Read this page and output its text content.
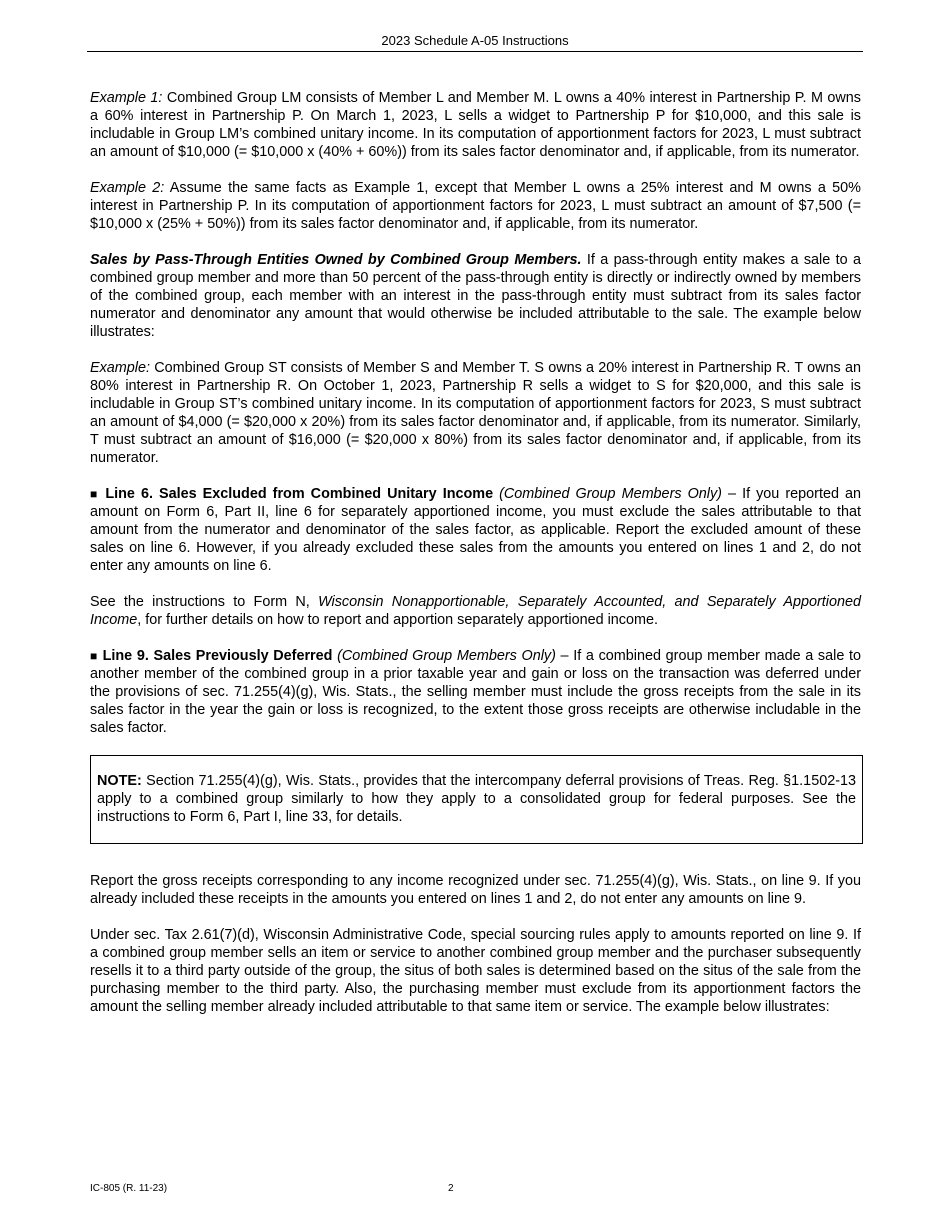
2023 Schedule A-05 Instructions

Example 1: Combined Group LM consists of Member L and Member M. L owns a 40% interest in Partnership P. M owns a 60% interest in Partnership P. On March 1, 2023, L sells a widget to Partnership P for $10,000, and this sale is includable in Group LM’s combined unitary income. In its computation of apportionment factors for 2023, L must subtract an amount of $10,000 (= $10,000 x (40% + 60%)) from its sales factor denominator and, if applicable, from its numerator.

Example 2: Assume the same facts as Example 1, except that Member L owns a 25% interest and M owns a 50% interest in Partnership P. In its computation of apportionment factors for 2023, L must subtract an amount of $7,500 (= $10,000 x (25% + 50%)) from its sales factor denominator and, if applicable, from its numerator.

Sales by Pass-Through Entities Owned by Combined Group Members. If a pass-through entity makes a sale to a combined group member and more than 50 percent of the pass-through entity is directly or indirectly owned by members of the combined group, each member with an interest in the pass-through entity must subtract from its sales factor numerator and denominator any amount that would otherwise be included attributable to the sale. The example below illustrates:

Example: Combined Group ST consists of Member S and Member T. S owns a 20% interest in Partnership R. T owns an 80% interest in Partnership R. On October 1, 2023, Partnership R sells a widget to S for $20,000, and this sale is includable in Group ST’s combined unitary income. In its computation of apportionment factors for 2023, S must subtract an amount of $4,000 (= $20,000 x 20%) from its sales factor denominator and, if applicable, from its numerator. Similarly, T must subtract an amount of $16,000 (= $20,000 x 80%) from its sales factor denominator and, if applicable, from its numerator.

■ Line 6. Sales Excluded from Combined Unitary Income (Combined Group Members Only) – If you reported an amount on Form 6, Part II, line 6 for separately apportioned income, you must exclude the sales attributable to that amount from the numerator and denominator of the sales factor, as applicable. Report the excluded amount of these sales on line 6. However, if you already excluded these sales from the amounts you entered on lines 1 and 2, do not enter any amounts on line 6.

See the instructions to Form N, Wisconsin Nonapportionable, Separately Accounted, and Separately Apportioned Income, for further details on how to report and apportion separately apportioned income.

■ Line 9. Sales Previously Deferred (Combined Group Members Only) – If a combined group member made a sale to another member of the combined group in a prior taxable year and gain or loss on the transaction was deferred under the provisions of sec. 71.255(4)(g), Wis. Stats., the selling member must include the gross receipts from the sale in its sales factor in the year the gain or loss is recognized, to the extent those gross receipts are otherwise includable in the sales factor.

NOTE: Section 71.255(4)(g), Wis. Stats., provides that the intercompany deferral provisions of Treas. Reg. §1.1502-13 apply to a combined group similarly to how they apply to a consolidated group for federal purposes. See the instructions to Form 6, Part I, line 33, for details.

Report the gross receipts corresponding to any income recognized under sec. 71.255(4)(g), Wis. Stats., on line 9. If you already included these receipts in the amounts you entered on lines 1 and 2, do not enter any amounts on line 9.

Under sec. Tax 2.61(7)(d), Wisconsin Administrative Code, special sourcing rules apply to amounts reported on line 9. If a combined group member sells an item or service to another combined group member and the purchaser subsequently resells it to a third party outside of the group, the situs of both sales is determined based on the situs of the sale from the purchasing member to the third party. Also, the purchasing member must exclude from its apportionment factors the amount the selling member already included attributable to that same item or service. The example below illustrates:

IC-805 (R. 11-23)	2
